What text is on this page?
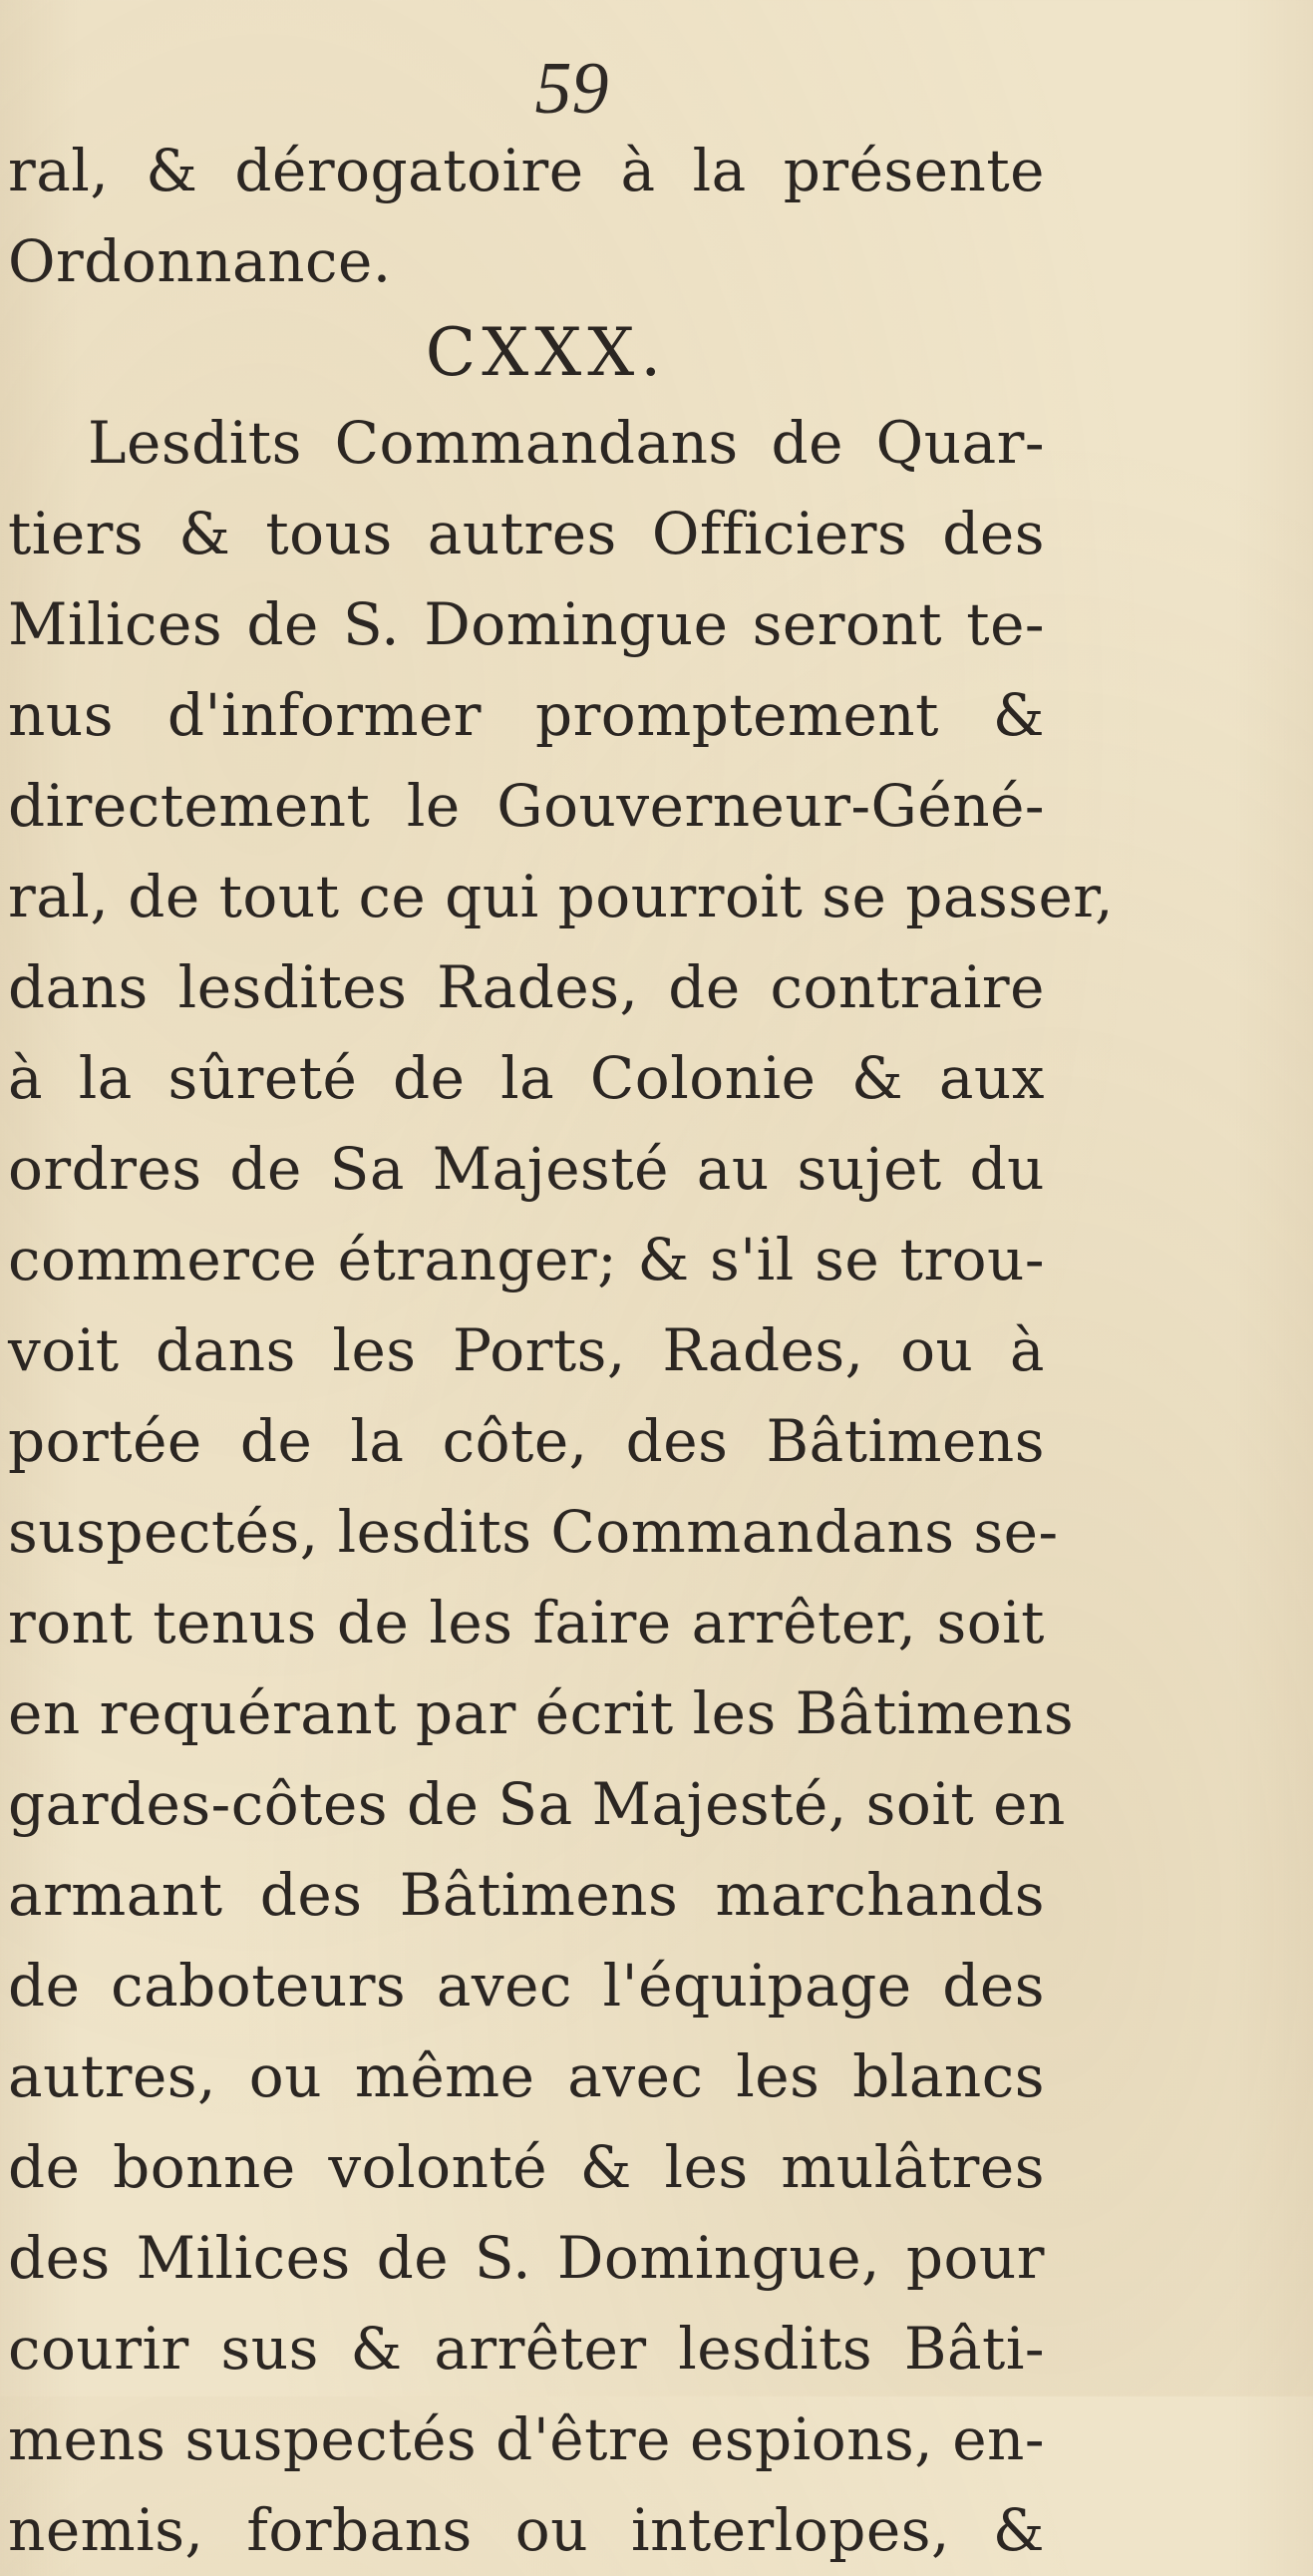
59
ral, & dérogatoire à la présente
Ordonnance.
CXXX.
Lesdits Commandans de Quar-
tiers & tous autres Officiers des
Milices de S. Domingue seront te-
nus d'informer promptement &
directement le Gouverneur-Géné-
ral, de tout ce qui pourroit se passer,
dans lesdites Rades, de contraire
à la sûreté de la Colonie & aux
ordres de Sa Majesté au sujet du
commerce étranger; & s'il se trou-
voit dans les Ports, Rades, ou à
portée de la côte, des Bâtimens
suspectés, lesdits Commandans se-
ront tenus de les faire arrêter, soit
en requérant par écrit les Bâtimens
gardes-côtes de Sa Majesté, soit en
armant des Bâtimens marchands
de caboteurs avec l'équipage des
autres, ou même avec les blancs
de bonne volonté & les mulâtres
des Milices de S. Domingue, pour
courir sus & arrêter lesdits Bâti-
mens suspectés d'être espions, en-
nemis, forbans ou interlopes, &
